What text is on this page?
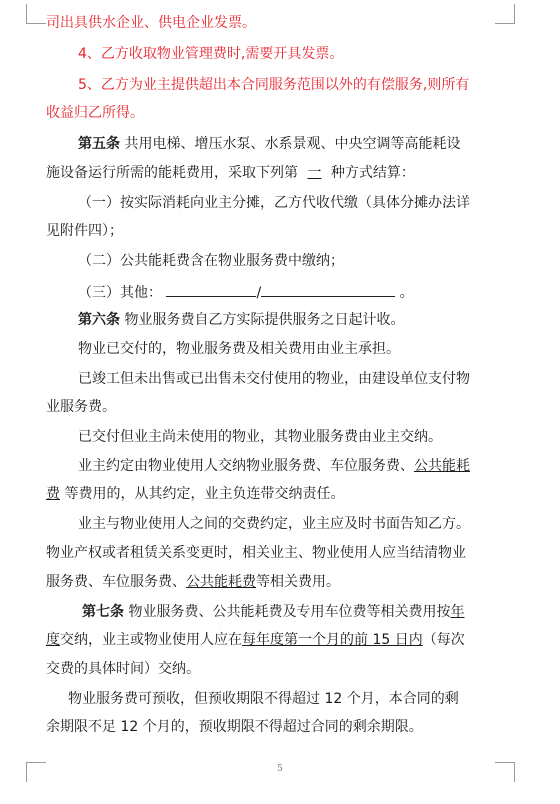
司出具供水企业、供电企业发票。
4、乙方收取物业管理费时,需要开具发票。
5、乙方为业主提供超出本合同服务范围以外的有偿服务,则所有
收益归乙所得。
第五条 共用电梯、增压水泵、水系景观、中央空调等高能耗设
施设备运行所需的能耗费用，采取下列第 一 种方式结算：
（一）按实际消耗向业主分摊，乙方代收代缴（具体分摊办法详
见附件四）；
（二）公共能耗费含在物业服务费中缴纳；
（三）其他：	/	。
第六条 物业服务费自乙方实际提供服务之日起计收。
物业已交付的，物业服务费及相关费用由业主承担。
已竣工但未出售或已出售未交付使用的物业，由建设单位支付物
业服务费。
已交付但业主尚未使用的物业，其物业服务费由业主交纳。
业主约定由物业使用人交纳物业服务费、车位服务费、公共能耗
费 等费用的，从其约定，业主负连带交纳责任。
业主与物业使用人之间的交费约定，业主应及时书面告知乙方。
物业产权或者租赁关系变更时，相关业主、物业使用人应当结清物业
服务费、车位服务费、公共能耗费等相关费用。
第七条 物业服务费、公共能耗费及专用车位费等相关费用按年
度交纳，业主或物业使用人应在每年度第一个月的前 15 日内（每次
交费的具体时间）交纳。
物业服务费可预收，但预收期限不得超过 12 个月，本合同的剩
余期限不足 12 个月的，预收期限不得超过合同的剩余期限。
5
